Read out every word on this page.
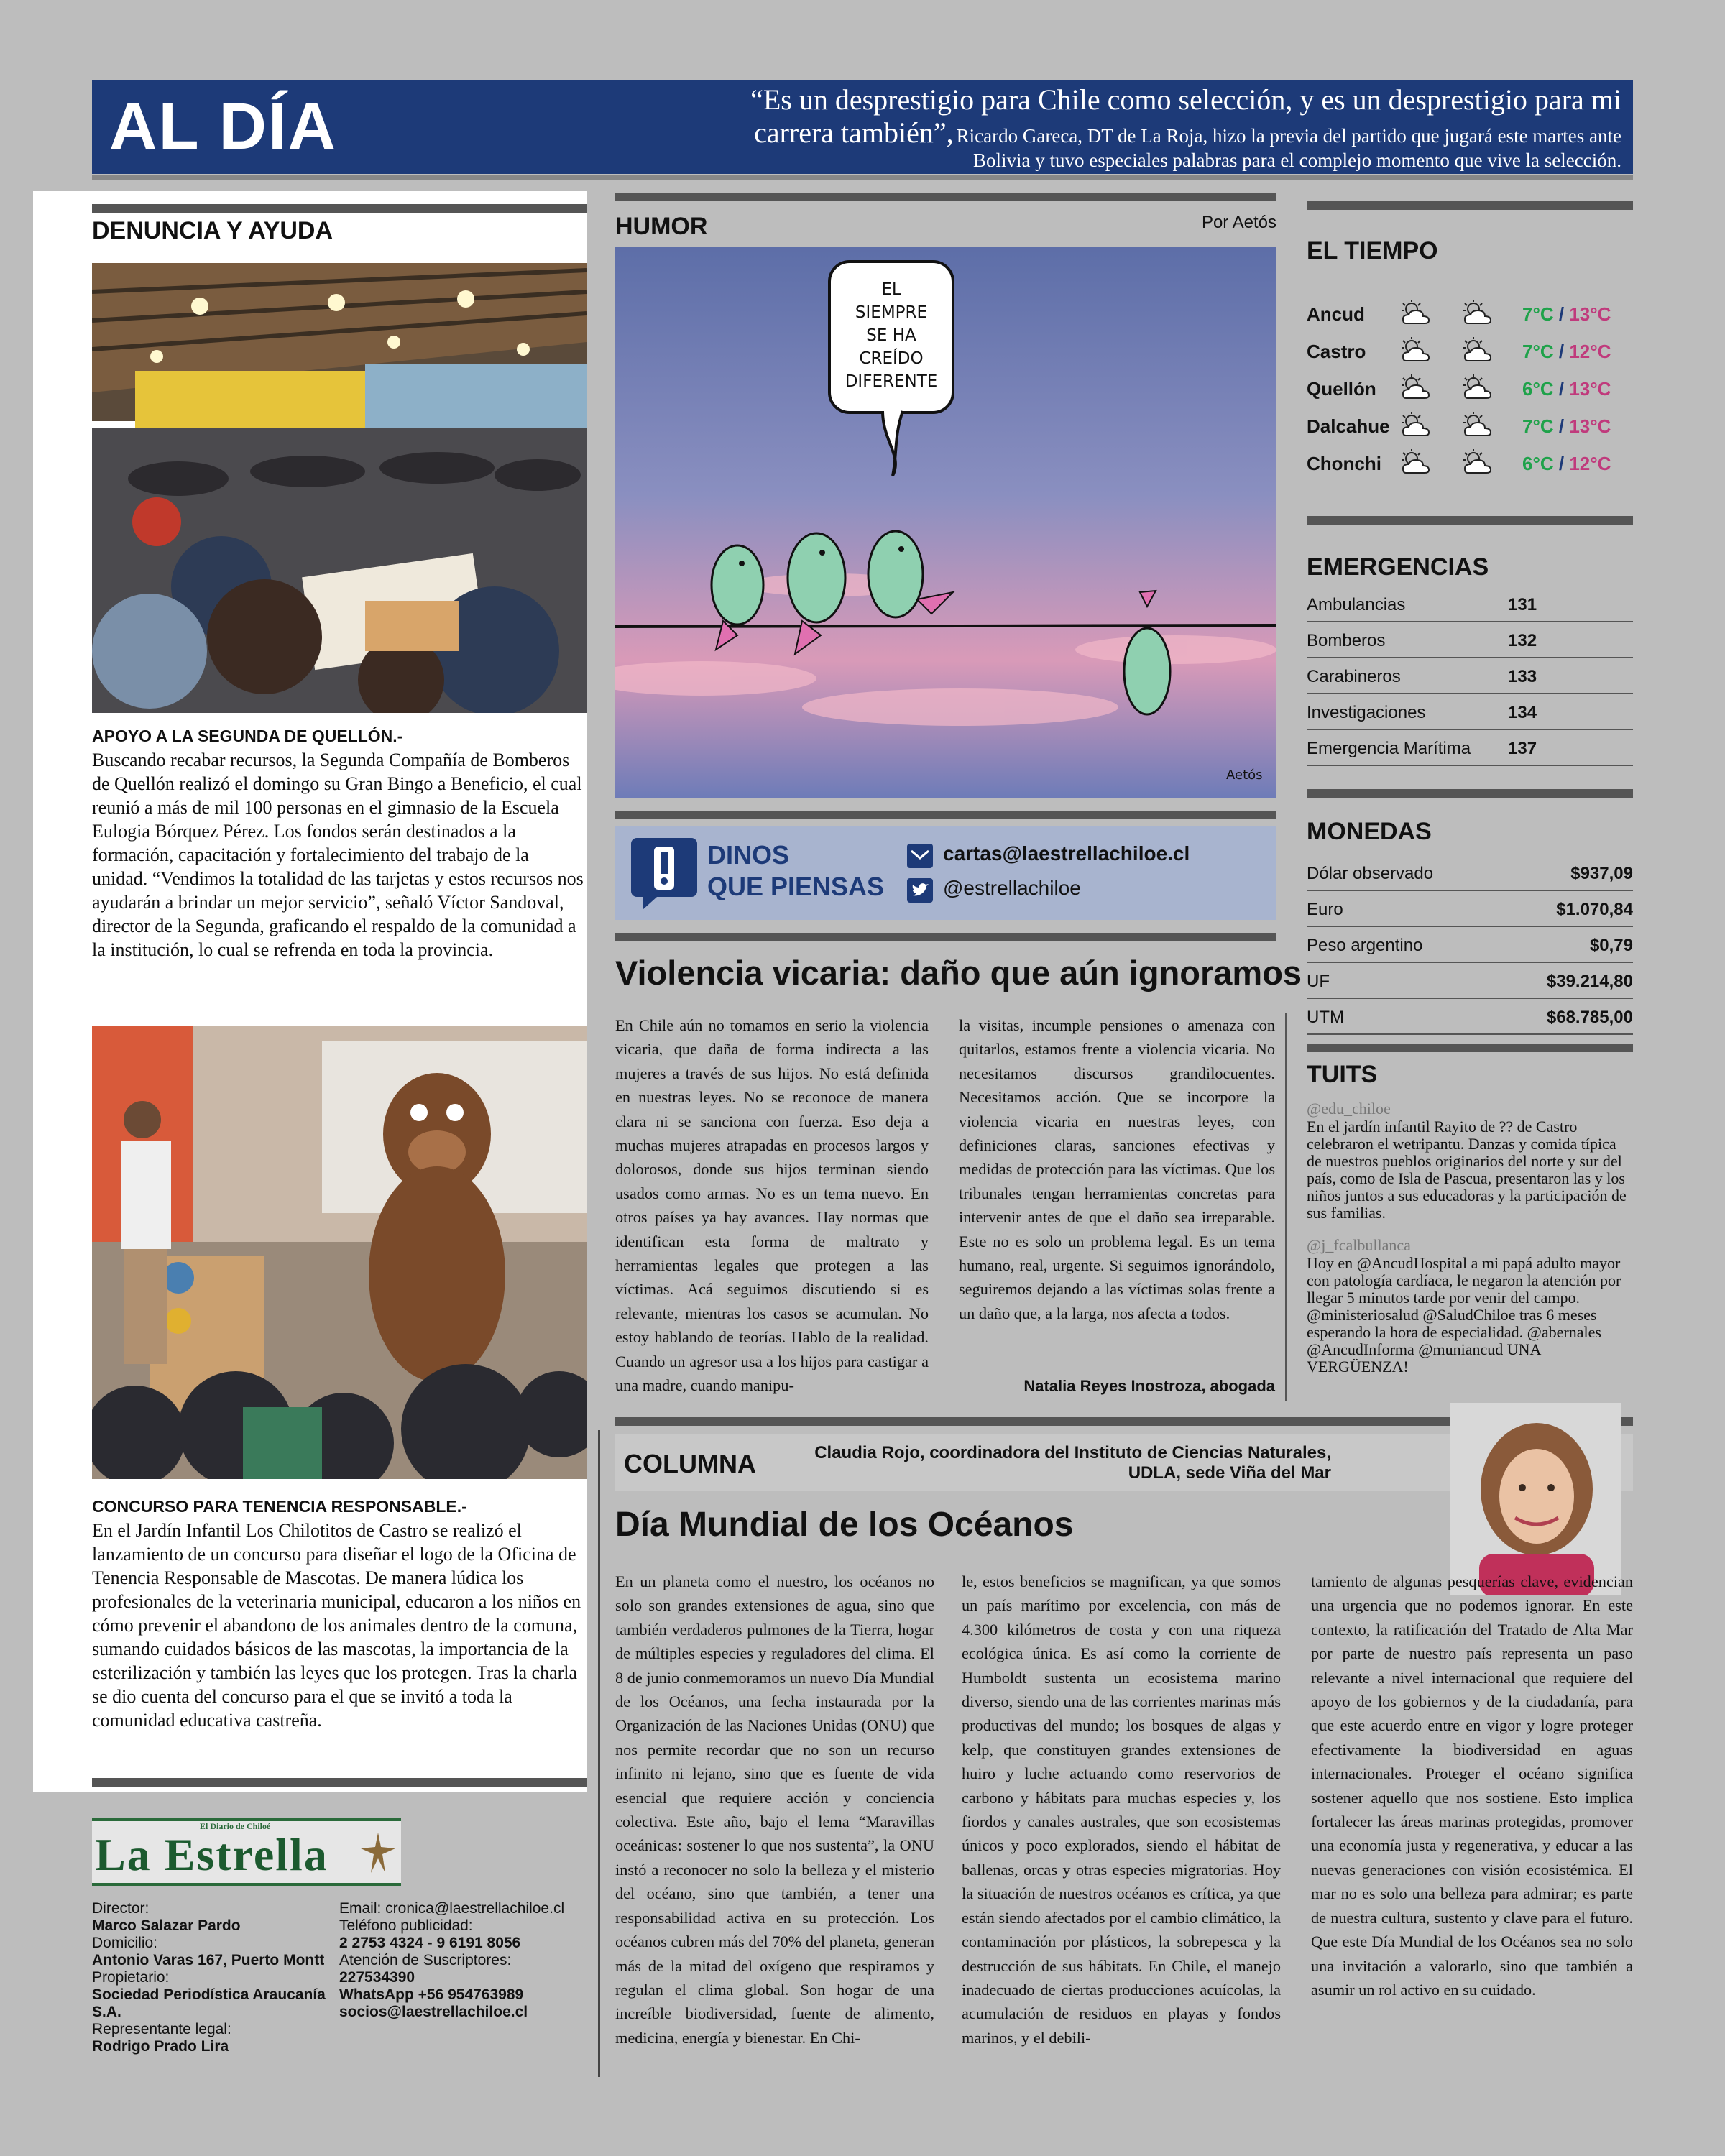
AL DÍA	“Es un desprestigio para Chile como selección, y es un desprestigio para mi carrera también”, Ricardo Gareca, DT de La Roja, hizo la previa del partido que jugará este martes ante Bolivia y tuvo especiales palabras para el complejo momento que vive la selección.
DENUNCIA Y AYUDA
APOYO A LA SEGUNDA DE QUELLÓN.-
Buscando recabar recursos, la Segunda Compañía de Bomberos de Quellón realizó el domingo su Gran Bingo a Beneficio, el cual reunió a más de mil 100 personas en el gimnasio de la Escuela Eulogia Bórquez Pérez. Los fondos serán destinados a la formación, capacitación y fortalecimiento del trabajo de la unidad. “Vendimos la totalidad de las tarjetas y estos recursos nos ayudarán a brindar un mejor servicio”, señaló Víctor Sandoval, director de la Segunda, graficando el respaldo de la comunidad a la institución, lo cual se refrenda en toda la provincia.
CONCURSO PARA TENENCIA RESPONSABLE.-
En el Jardín Infantil Los Chilotitos de Castro se realizó el lanzamiento de un concurso para diseñar el logo de la Oficina de Tenencia Responsable de Mascotas. De manera lúdica los profesionales de la veterinaria municipal, educaron a los niños en cómo prevenir el abandono de los animales dentro de la comuna, sumando cuidados básicos de las mascotas, la importancia de la esterilización y también las leyes que los protegen. Tras la charla se dio cuenta del concurso para el que se invitó a toda la comunidad educativa castreña.
El Diario de Chiloé
La Estrella
Director:
Marco Salazar Pardo
Domicilio:
Antonio Varas 167, Puerto Montt
Propietario:
Sociedad Periodística Araucanía S.A.
Representante legal:
Rodrigo Prado Lira
Email: cronica@laestrellachiloe.cl
Teléfono publicidad:
2 2753 4324 - 9 6191 8056
Atención de Suscriptores:
227534390
WhatsApp +56 954763989
socios@laestrellachiloe.cl
HUMOR	Por Aetós
EL
SIEMPRE
SE HA
CREÍDO
DIFERENTE
Aetós
DINOS
QUE PIENSAS
cartas@laestrellachiloe.cl
@estrellachiloe
Violencia vicaria: daño que aún ignoramos
En Chile aún no tomamos en serio la violencia vicaria, que daña de forma indirecta a las mujeres a través de sus hijos. No está definida en nuestras leyes. No se reconoce de manera clara ni se sanciona con fuerza. Eso deja a muchas mujeres atrapadas en procesos largos y dolorosos, donde sus hijos terminan siendo usados como armas. No es un tema nuevo. En otros países ya hay avances. Hay normas que identifican esta forma de maltrato y herramientas legales que protegen a las víctimas. Acá seguimos discutiendo si es relevante, mientras los casos se acumulan. No estoy hablando de teorías. Hablo de la realidad. Cuando un agresor usa a los hijos para castigar a una madre, cuando manipu-
la visitas, incumple pensiones o amenaza con quitarlos, estamos frente a violencia vicaria. No necesitamos discursos grandilocuentes. Necesitamos acción. Que se incorpore la violencia vicaria en nuestras leyes, con definiciones claras, sanciones efectivas y medidas de protección para las víctimas. Que los tribunales tengan herramientas concretas para intervenir antes de que el daño sea irreparable. Este no es solo un problema legal. Es un tema humano, real, urgente. Si seguimos ignorándolo, seguiremos dejando a las víctimas solas frente a un daño que, a la larga, nos afecta a todos.
Natalia Reyes Inostroza, abogada
COLUMNA	Claudia Rojo, coordinadora del Instituto de Ciencias Naturales,
UDLA, sede Viña del Mar
Día Mundial de los Océanos
En un planeta como el nuestro, los océanos no solo son grandes extensiones de agua, sino que también verdaderos pulmones de la Tierra, hogar de múltiples especies y reguladores del clima. El 8 de junio conmemoramos un nuevo Día Mundial de los Océanos, una fecha instaurada por la Organización de las Naciones Unidas (ONU) que nos permite recordar que no son un recurso infinito ni lejano, sino que es fuente de vida esencial que requiere acción y conciencia colectiva. Este año, bajo el lema “Maravillas oceánicas: sostener lo que nos sustenta”, la ONU instó a reconocer no solo la belleza y el misterio del océano, sino que también, a tener una responsabilidad activa en su protección. Los océanos cubren más del 70% del planeta, generan más de la mitad del oxígeno que respiramos y regulan el clima global. Son hogar de una increíble biodiversidad, fuente de alimento, medicina, energía y bienestar. En Chi-
le, estos beneficios se magnifican, ya que somos un país marítimo por excelencia, con más de 4.300 kilómetros de costa y con una riqueza ecológica única. Es así como la corriente de Humboldt sustenta un ecosistema marino diverso, siendo una de las corrientes marinas más productivas del mundo; los bosques de algas y kelp, que constituyen grandes extensiones de huiro y luche actuando como reservorios de carbono y hábitats para muchas especies y, los fiordos y canales australes, que son ecosistemas únicos y poco explorados, siendo el hábitat de ballenas, orcas y otras especies migratorias. Hoy la situación de nuestros océanos es crítica, ya que están siendo afectados por el cambio climático, la contaminación por plásticos, la sobrepesca y la destrucción de sus hábitats. En Chile, el manejo inadecuado de ciertas producciones acuícolas, la acumulación de residuos en playas y fondos marinos, y el debili-
tamiento de algunas pesquerías clave, evidencian una urgencia que no podemos ignorar. En este contexto, la ratificación del Tratado de Alta Mar por parte de nuestro país representa un paso relevante a nivel internacional que requiere del apoyo de los gobiernos y de la ciudadanía, para que este acuerdo entre en vigor y logre proteger efectivamente la biodiversidad en aguas internacionales. Proteger el océano significa sostener aquello que nos sostiene. Esto implica fortalecer las áreas marinas protegidas, promover una economía justa y regenerativa, y educar a las nuevas generaciones con visión ecosistémica. El mar no es solo una belleza para admirar; es parte de nuestra cultura, sustento y clave para el futuro. Que este Día Mundial de los Océanos sea no solo una invitación a valorarlo, sino que también a asumir un rol activo en su cuidado.
EL TIEMPO
Ancud	7°C / 13°C
Castro	7°C / 12°C
Quellón	6°C / 13°C
Dalcahue	7°C / 13°C
Chonchi	6°C / 12°C
EMERGENCIAS
Ambulancias	131
Bomberos	132
Carabineros	133
Investigaciones	134
Emergencia Marítima 137
MONEDAS
Dólar observado	$937,09
Euro	$1.070,84
Peso argentino	$0,79
UF	$39.214,80
UTM	$68.785,00
TUITS
@edu_chiloe
En el jardín infantil Rayito de ?? de Castro celebraron el wetripantu. Danzas y comida típica de nuestros pueblos originarios del norte y sur del país, como de Isla de Pascua, presentaron las y los niños juntos a sus educadoras y la participación de sus familias.
@j_fcalbullanca
Hoy en @AncudHospital a mi papá adulto mayor con patología cardíaca, le negaron la atención por llegar 5 minutos tarde por venir del campo. @ministeriosalud @SaludChiloe tras 6 meses esperando la hora de especialidad. @abernales @AncudInforma @muniancud UNA VERGÜENZA!
